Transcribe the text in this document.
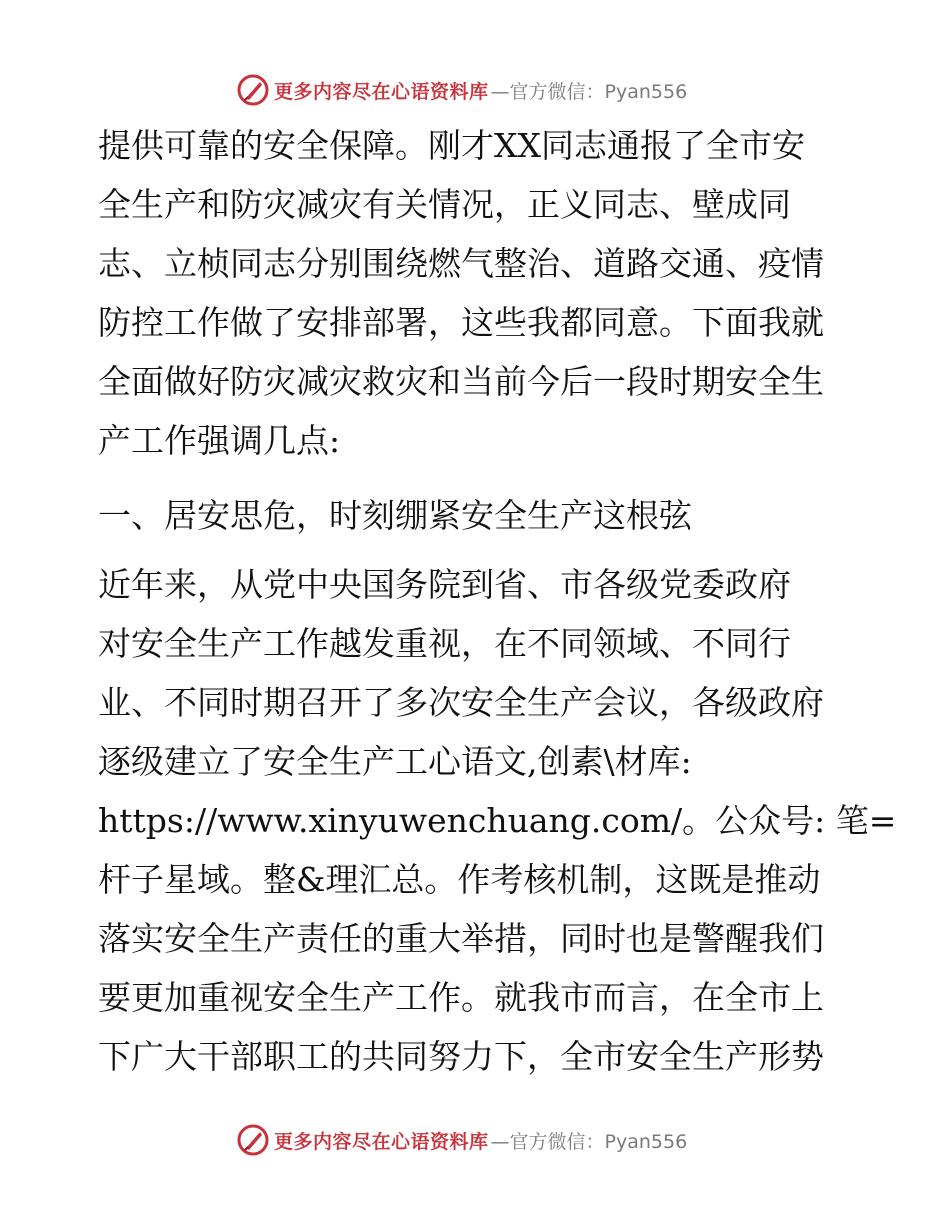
更多内容尽在心语资料库 —官方微信：Pyan556
提供可靠的安全保障。刚才XX同志通报了全市安
全生产和防灾减灾有关情况，正义同志、壁成同
志、立桢同志分别围绕燃气整治、道路交通、疫情
防控工作做了安排部署，这些我都同意。下面我就
全面做好防灾减灾救灾和当前今后一段时期安全生
产工作强调几点:
一、居安思危，时刻绷紧安全生产这根弦
近年来，从党中央国务院到省、市各级党委政府
对安全生产工作越发重视，在不同领域、不同行
业、不同时期召开了多次安全生产会议，各级政府
逐级建立了安全生产工心语文,创素\材库:
https://www.xinyuwenchuang.com/。公众号: 笔=
杆子星域。整&理汇总。作考核机制，这既是推动
落实安全生产责任的重大举措，同时也是警醒我们
要更加重视安全生产工作。就我市而言，在全市上
下广大干部职工的共同努力下，全市安全生产形势
更多内容尽在心语资料库 —官方微信：Pyan556
